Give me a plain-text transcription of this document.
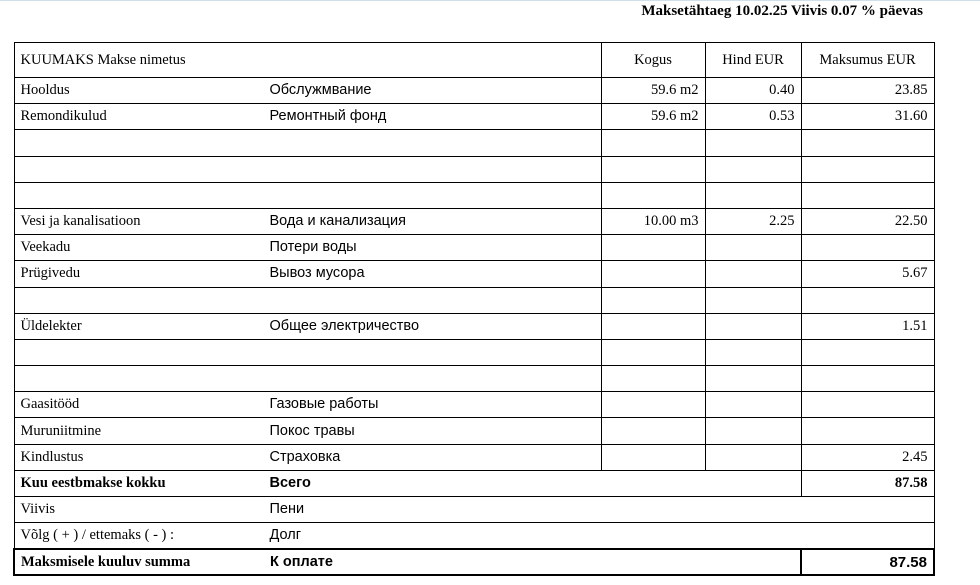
Maksetähtaeg 10.02.25 Viivis 0.07 % päevas
KUUMAKS Makse nimetus	Kogus	Hind EUR	Maksumus EUR
Hooldus Обслужмвание	59.6 m2	0.40	23.85
Remondikulud Ремонтный фонд	59.6 m2	0.53	31.60

Vesi ja kanalisatioon Вода и канализация	10.00 m3	2.25	22.50
Veekadu Потери воды			
Prügivedu Вывоз мусора			5.67

Üldelekter Общее электричество			1.51

Gaasitööd Газовые работы			
Muruniitmine Покос травы			
Kindlustus Страховка			2.45
Kuu eestbmakse kokku Всего			87.58
Viivis Пени			
Võlg ( + ) / ettemaks ( - ) : Долг			
Maksmisele kuuluv summa К оплате			87.58
